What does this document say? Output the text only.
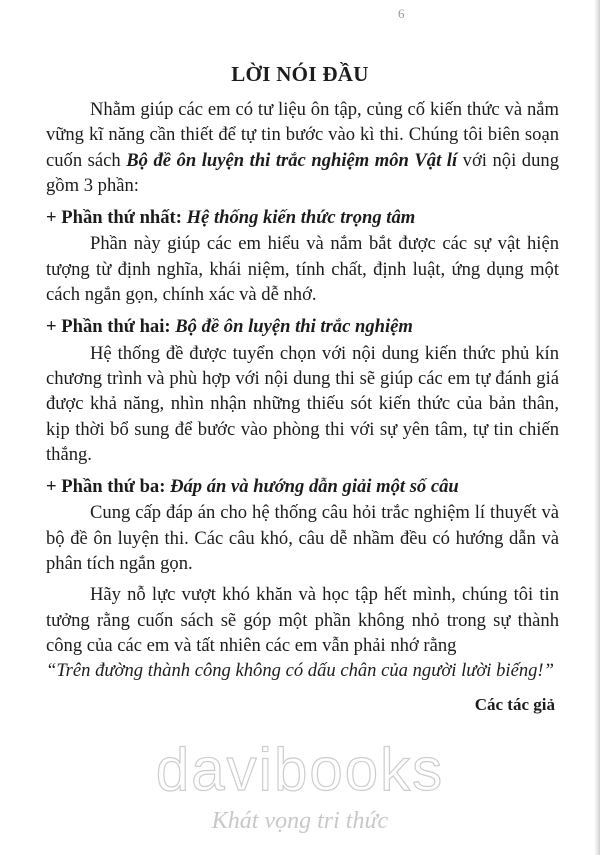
6
LỜI NÓI ĐẦU

Nhằm giúp các em có tư liệu ôn tập, củng cố kiến thức và nắm vững kĩ năng cần thiết để tự tin bước vào kì thi. Chúng tôi biên soạn cuốn sách Bộ đề ôn luyện thi trắc nghiệm môn Vật lí với nội dung gồm 3 phần:

+ Phần thứ nhất: Hệ thống kiến thức trọng tâm

Phần này giúp các em hiểu và nắm bắt được các sự vật hiện tượng từ định nghĩa, khái niệm, tính chất, định luật, ứng dụng một cách ngắn gọn, chính xác và dễ nhớ.

+ Phần thứ hai: Bộ đề ôn luyện thi trắc nghiệm

Hệ thống đề được tuyển chọn với nội dung kiến thức phủ kín chương trình và phù hợp với nội dung thi sẽ giúp các em tự đánh giá được khả năng, nhìn nhận những thiếu sót kiến thức của bản thân, kịp thời bổ sung để bước vào phòng thi với sự yên tâm, tự tin chiến thắng.

+ Phần thứ ba: Đáp án và hướng dẫn giải một số câu

Cung cấp đáp án cho hệ thống câu hỏi trắc nghiệm lí thuyết và bộ đề ôn luyện thi. Các câu khó, câu dễ nhầm đều có hướng dẫn và phân tích ngắn gọn.

Hãy nỗ lực vượt khó khăn và học tập hết mình, chúng tôi tin tưởng rằng cuốn sách sẽ góp một phần không nhỏ trong sự thành công của các em và tất nhiên các em vẫn phải nhớ rằng

“Trên đường thành công không có dấu chân của người lười biếng!”

Các tác giả

davibooks
Khát vọng tri thức
